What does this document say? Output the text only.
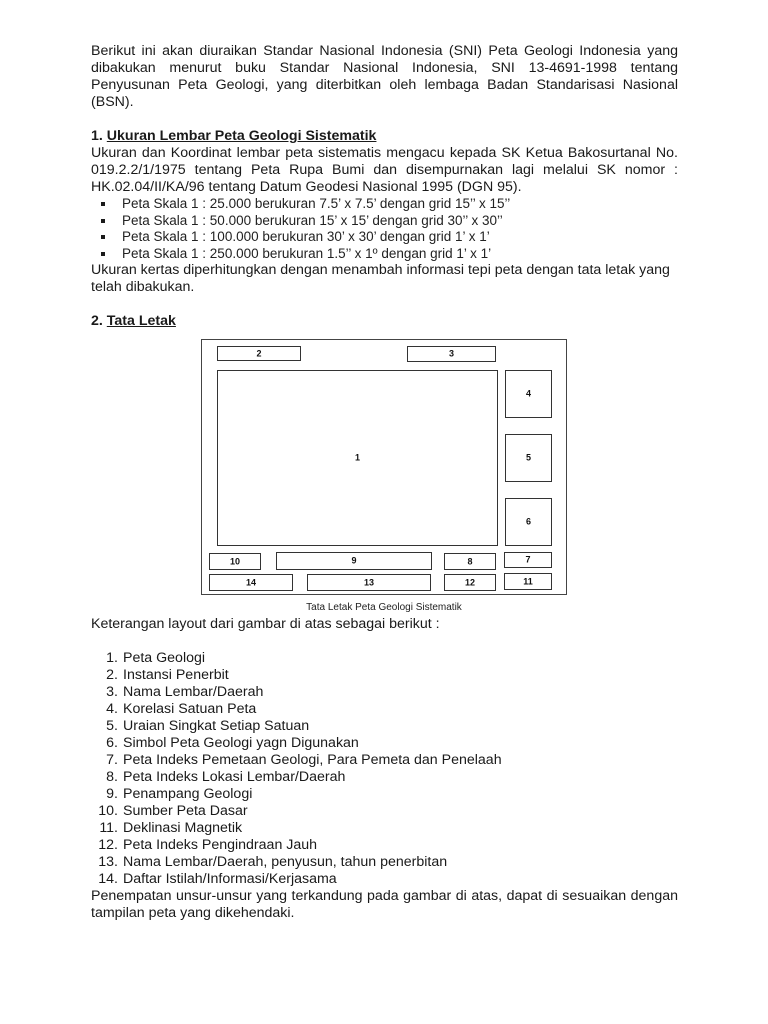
Berikut ini akan diuraikan Standar Nasional Indonesia (SNI) Peta Geologi Indonesia yang dibakukan menurut buku Standar Nasional Indonesia, SNI 13-4691-1998 tentang Penyusunan Peta Geologi, yang diterbitkan oleh lembaga Badan Standarisasi Nasional (BSN).

1. Ukuran Lembar Peta Geologi Sistematik

Ukuran dan Koordinat lembar peta sistematis mengacu kepada SK Ketua Bakosurtanal No. 019.2.2/1/1975 tentang Peta Rupa Bumi dan disempurnakan lagi melalui SK nomor : HK.02.04/II/KA/96 tentang Datum Geodesi Nasional 1995 (DGN 95).

Peta Skala 1 : 25.000 berukuran 7.5’ x 7.5’ dengan grid 15’’ x 15’’
Peta Skala 1 : 50.000 berukuran 15’ x 15’ dengan grid 30’’ x 30’’
Peta Skala 1 : 100.000 berukuran 30’ x 30’ dengan grid 1’ x 1’
Peta Skala 1 : 250.000 berukuran 1.5’’ x 1º dengan grid 1’ x 1’

Ukuran kertas diperhitungkan dengan menambah informasi tepi peta dengan tata letak yang telah dibakukan.

2. Tata Letak
2	3
1
4
5
6
10	9	8	7
14	13	12	11
Tata Letak Peta Geologi Sistematik

Keterangan layout dari gambar di atas sebagai berikut :

1. Peta Geologi
2. Instansi Penerbit
3. Nama Lembar/Daerah
4. Korelasi Satuan Peta
5. Uraian Singkat Setiap Satuan
6. Simbol Peta Geologi yagn Digunakan
7. Peta Indeks Pemetaan Geologi, Para Pemeta dan Penelaah
8. Peta Indeks Lokasi Lembar/Daerah
9. Penampang Geologi
10. Sumber Peta Dasar
11. Deklinasi Magnetik
12. Peta Indeks Pengindraan Jauh
13. Nama Lembar/Daerah, penyusun, tahun penerbitan
14. Daftar Istilah/Informasi/Kerjasama

Penempatan unsur-unsur yang terkandung pada gambar di atas, dapat di sesuaikan dengan tampilan peta yang dikehendaki.
